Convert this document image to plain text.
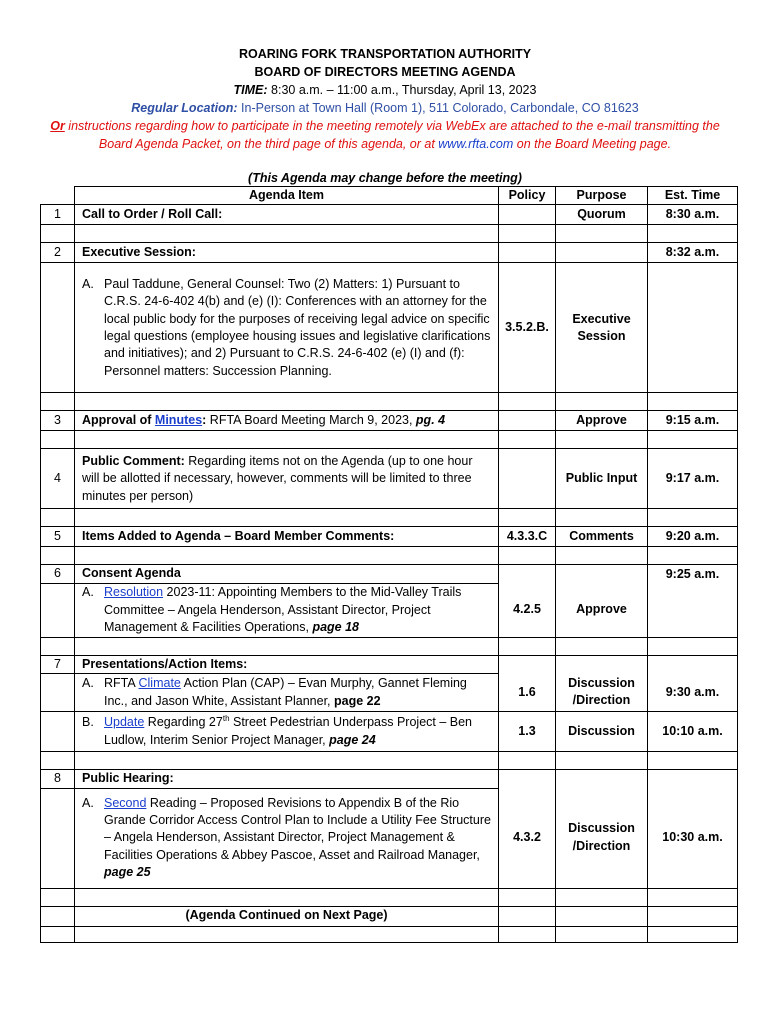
ROARING FORK TRANSPORTATION AUTHORITY
BOARD OF DIRECTORS MEETING AGENDA
TIME: 8:30 a.m. – 11:00 a.m., Thursday, April 13, 2023
Regular Location: In-Person at Town Hall (Room 1), 511 Colorado, Carbondale, CO 81623
Or instructions regarding how to participate in the meeting remotely via WebEx are attached to the e-mail transmitting the Board Agenda Packet, on the third page of this agenda, or at www.rfta.com on the Board Meeting page.
(This Agenda may change before the meeting)
	Agenda Item	Policy	Purpose	Est. Time
1	Call to Order / Roll Call:		Quorum	8:30 a.m.

2	Executive Session:			8:32 a.m.

	A. Paul Taddune, General Counsel: Two (2) Matters: 1) Pursuant to C.R.S. 24-6-402 4(b) and (e) (I): Conferences with an attorney for the local public body for the purposes of receiving legal advice on specific legal questions (employee housing issues and legislative clarifications and initiatives); and 2) Pursuant to C.R.S. 24-6-402 (e) (I) and (f): Personnel matters: Succession Planning.	3.5.2.B.	Executive Session	

3	Approval of Minutes: RFTA Board Meeting March 9, 2023, pg. 4		Approve	9:15 a.m.

4	Public Comment: Regarding items not on the Agenda (up to one hour will be allotted if necessary, however, comments will be limited to three minutes per person)		Public Input	9:17 a.m.

5	Items Added to Agenda – Board Member Comments:	4.3.3.C	Comments	9:20 a.m.

6	Consent Agenda			9:25 a.m.

	A. Resolution 2023-11: Appointing Members to the Mid-Valley Trails Committee – Angela Henderson, Assistant Director, Project Management & Facilities Operations, page 18	4.2.5	Approve	

7	Presentations/Action Items:			

	A. RFTA Climate Action Plan (CAP) – Evan Murphy, Gannet Fleming Inc., and Jason White, Assistant Planner, page 22	1.6	Discussion /Direction	9:30 a.m.

	B. Update Regarding 27th Street Pedestrian Underpass Project – Ben Ludlow, Interim Senior Project Manager, page 24	1.3	Discussion	10:10 a.m.

8	Public Hearing:			

	A. Second Reading – Proposed Revisions to Appendix B of the Rio Grande Corridor Access Control Plan to Include a Utility Fee Structure – Angela Henderson, Assistant Director, Project Management & Facilities Operations & Abbey Pascoe, Asset and Railroad Manager, page 25	4.3.2	Discussion /Direction	10:30 a.m.

	(Agenda Continued on Next Page)			
